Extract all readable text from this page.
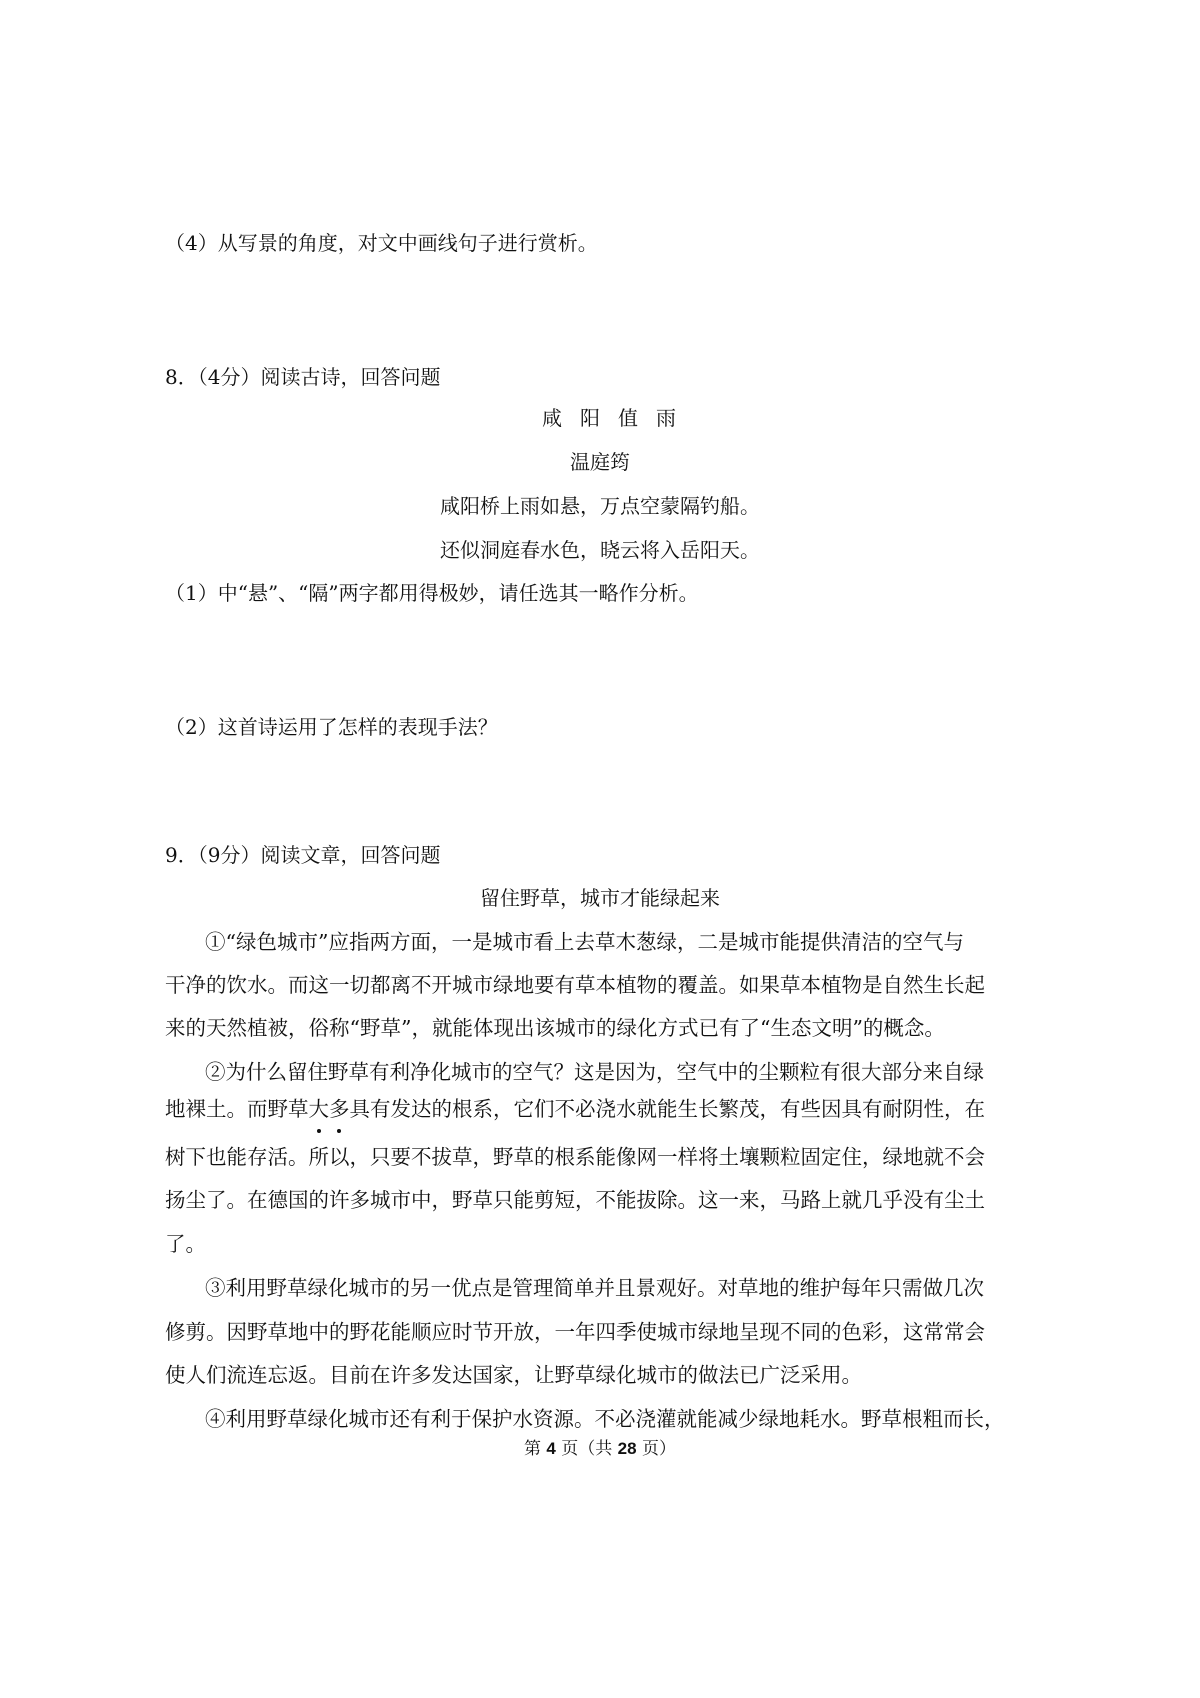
（4）从写景的角度，对文中画线句子进行赏析。
8．（4分）阅读古诗，回答问题
咸阳值雨
温庭筠
咸阳桥上雨如悬，万点空蒙隔钓船。
还似洞庭春水色，晓云将入岳阳天。
（1）中“悬”、“隔”两字都用得极妙，请任选其一略作分析。
（2）这首诗运用了怎样的表现手法？
9．（9分）阅读文章，回答问题
留住野草，城市才能绿起来
①“绿色城市”应指两方面，一是城市看上去草木葱绿，二是城市能提供清洁的空气与
干净的饮水。而这一切都离不开城市绿地要有草本植物的覆盖。如果草本植物是自然生长起
来的天然植被，俗称“野草”，就能体现出该城市的绿化方式已有了“生态文明”的概念。
②为什么留住野草有利净化城市的空气？这是因为，空气中的尘颗粒有很大部分来自绿
地裸土。而野草大多具有发达的根系，它们不必浇水就能生长繁茂，有些因具有耐阴性，在
树下也能存活。所以，只要不拔草，野草的根系能像网一样将土壤颗粒固定住，绿地就不会
扬尘了。在德国的许多城市中，野草只能剪短，不能拔除。这一来，马路上就几乎没有尘土
了。
③利用野草绿化城市的另一优点是管理简单并且景观好。对草地的维护每年只需做几次
修剪。因野草地中的野花能顺应时节开放，一年四季使城市绿地呈现不同的色彩，这常常会
使人们流连忘返。目前在许多发达国家，让野草绿化城市的做法已广泛采用。
④利用野草绿化城市还有利于保护水资源。不必浇灌就能减少绿地耗水。野草根粗而长，
第 4 页（共 28 页）
